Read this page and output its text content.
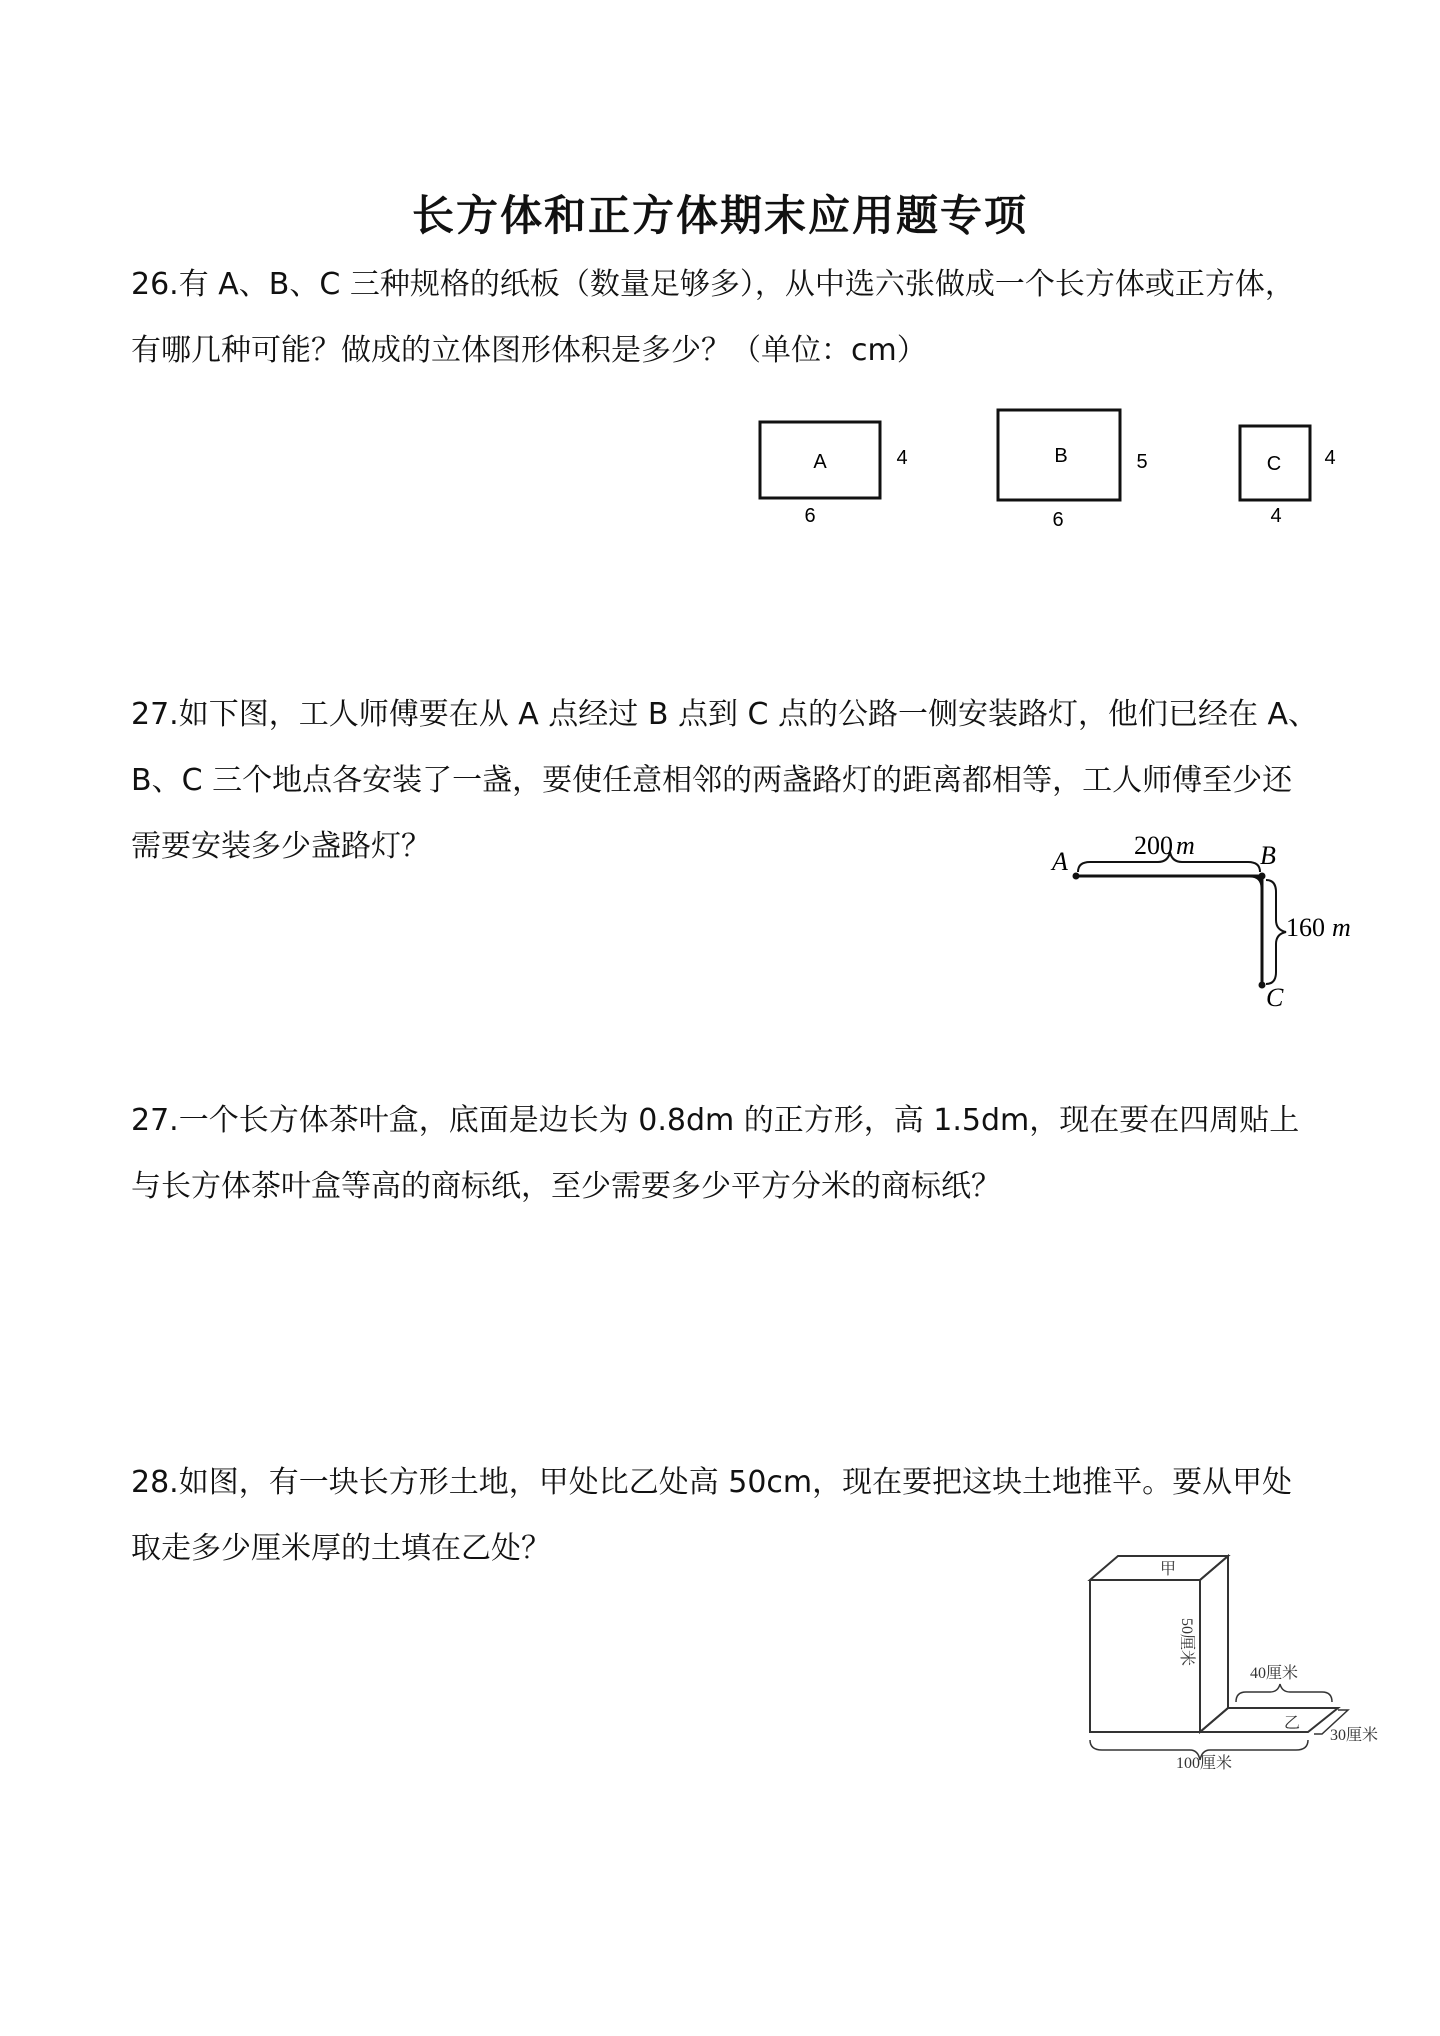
长方体和正方体期末应用题专项
26.有 A、B、C 三种规格的纸板（数量足够多），从中选六张做成一个长方体或正方体，有哪几种可能？做成的立体图形体积是多少？（单位：cm）
A	4
6
B	5
6
C 4
4
27.如下图，工人师傅要在从 A 点经过 B 点到 C 点的公路一侧安装路灯，他们已经在 A、B、C 三个地点各安装了一盏，要使任意相邻的两盏路灯的距离都相等，工人师傅至少还需要安装多少盏路灯？	A	B
C
200 m
160 m
27.一个长方体茶叶盒，底面是边长为 0.8dm 的正方形，高 1.5dm，现在要在四周贴上与长方体茶叶盒等高的商标纸，至少需要多少平方分米的商标纸？
28.如图，有一块长方形土地，甲处比乙处高 50cm，现在要把这块土地推平。要从甲处取走多少厘米厚的土填在乙处？
甲
乙
50厘米
40厘米
30厘米
100厘米
